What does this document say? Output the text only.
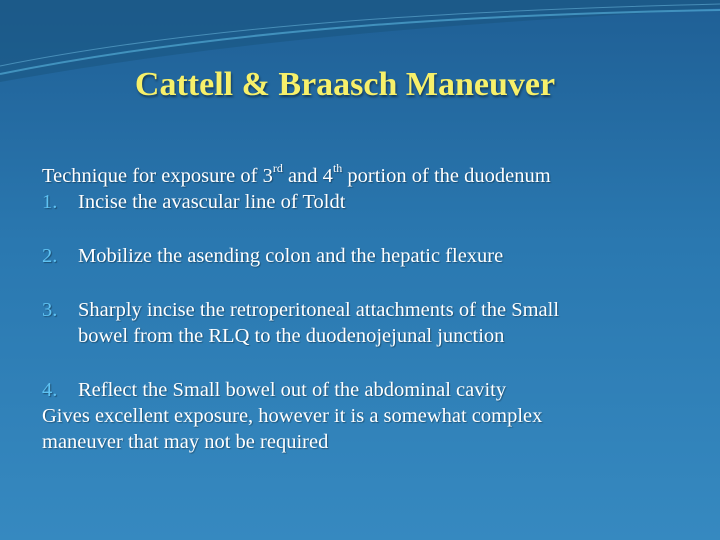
Cattell & Braasch Maneuver
Technique for exposure of 3rd and 4th portion of the duodenum
1. Incise the avascular line of Toldt
2. Mobilize the asending colon and the hepatic flexure
3. Sharply incise the retroperitoneal attachments of the Small
bowel from the RLQ to the duodenojejunal junction
4. Reflect the Small bowel out of the abdominal cavity
Gives excellent exposure, however it is a somewhat complex
maneuver that may not be required
